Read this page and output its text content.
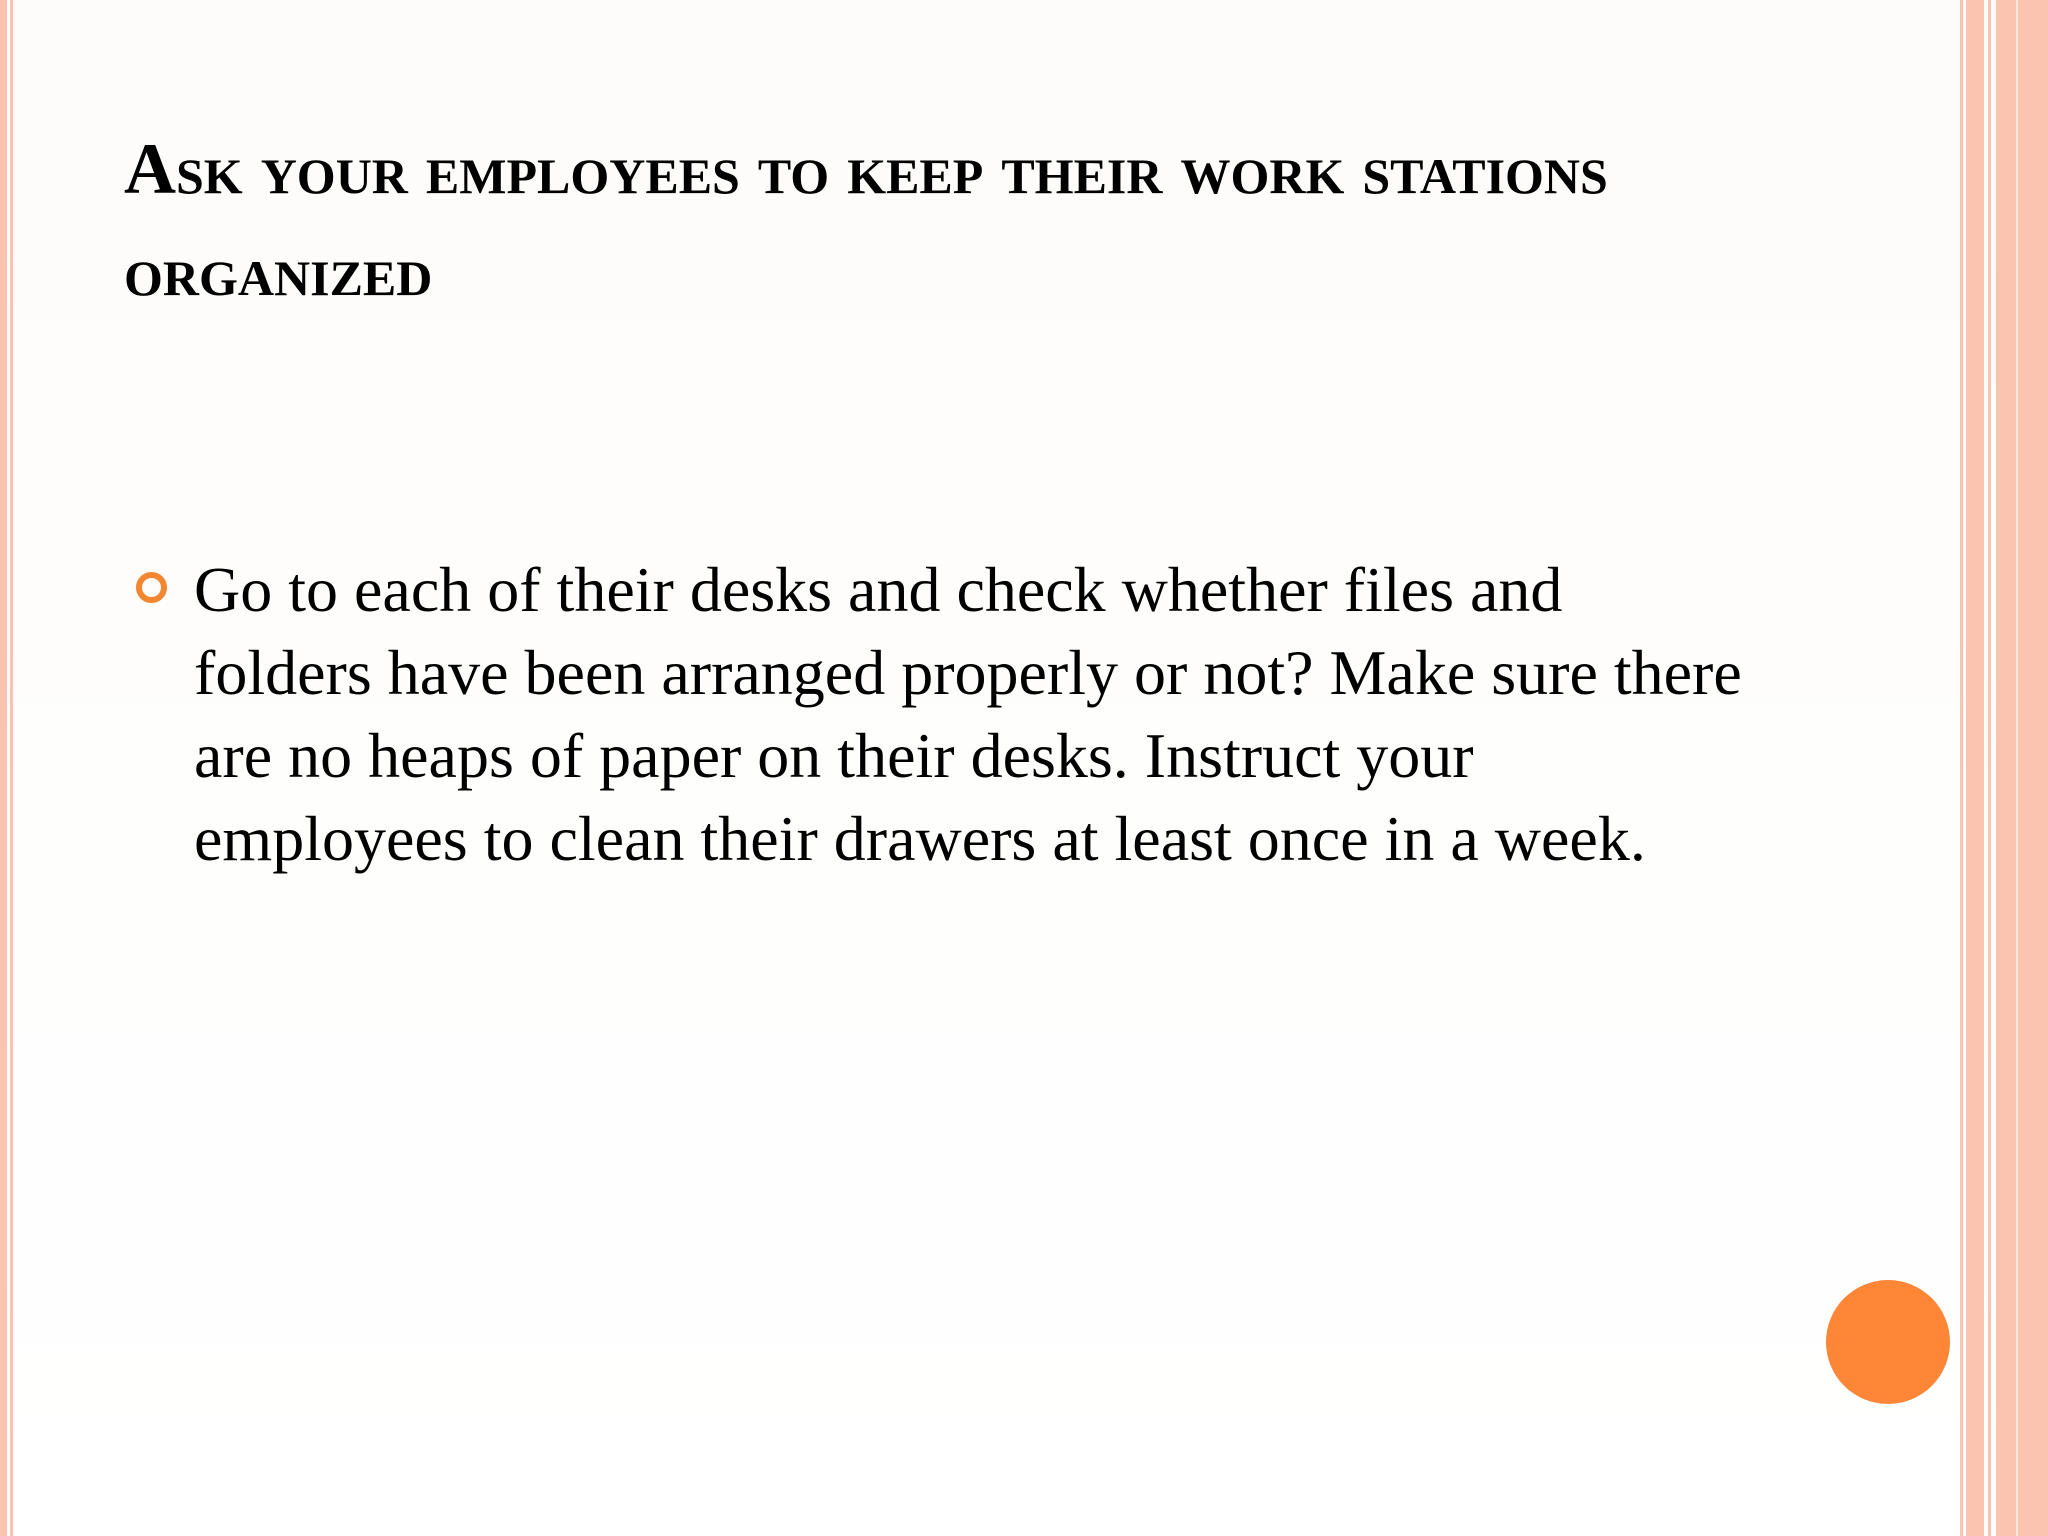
Ask your employees to keep their work stations organized

Go to each of their desks and check whether files and folders have been arranged properly or not? Make sure there are no heaps of paper on their desks. Instruct your employees to clean their drawers at least once in a week.
